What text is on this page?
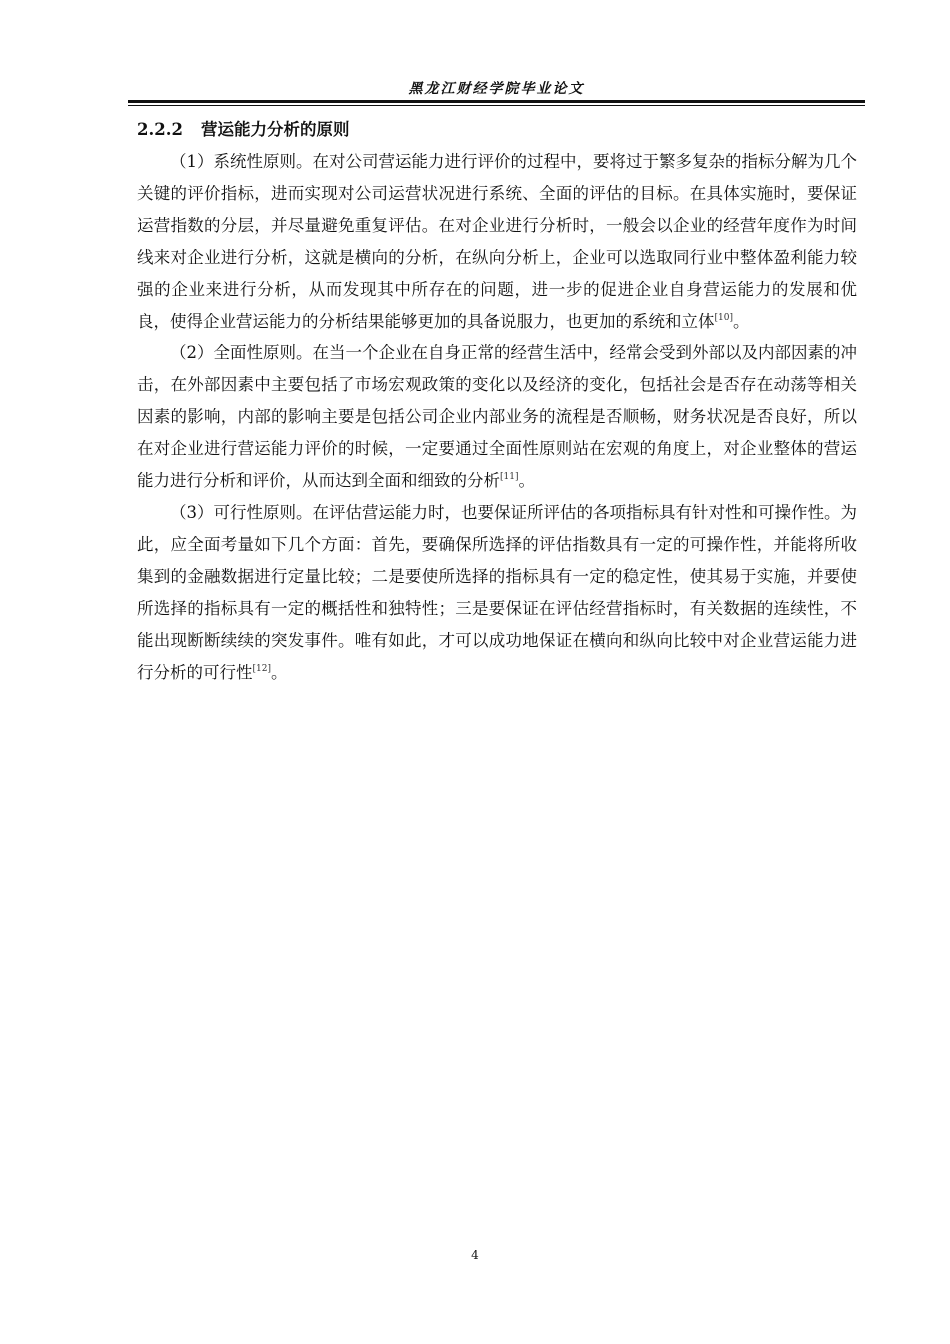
黑龙江财经学院毕业论文
2.2.2 营运能力分析的原则

（1）系统性原则。在对公司营运能力进行评价的过程中，要将过于繁多复杂的指标分解为几个关键的评价指标，进而实现对公司运营状况进行系统、全面的评估的目标。在具体实施时，要保证运营指数的分层，并尽量避免重复评估。在对企业进行分析时，一般会以企业的经营年度作为时间线来对企业进行分析，这就是横向的分析，在纵向分析上，企业可以选取同行业中整体盈利能力较强的企业来进行分析，从而发现其中所存在的问题，进一步的促进企业自身营运能力的发展和优良，使得企业营运能力的分析结果能够更加的具备说服力，也更加的系统和立体[10]。

（2）全面性原则。在当一个企业在自身正常的经营生活中，经常会受到外部以及内部因素的冲击，在外部因素中主要包括了市场宏观政策的变化以及经济的变化，包括社会是否存在动荡等相关因素的影响，内部的影响主要是包括公司企业内部业务的流程是否顺畅，财务状况是否良好，所以在对企业进行营运能力评价的时候，一定要通过全面性原则站在宏观的角度上，对企业整体的营运能力进行分析和评价，从而达到全面和细致的分析[11]。

（3）可行性原则。在评估营运能力时，也要保证所评估的各项指标具有针对性和可操作性。为此，应全面考量如下几个方面：首先，要确保所选择的评估指数具有一定的可操作性，并能将所收集到的金融数据进行定量比较；二是要使所选择的指标具有一定的稳定性，使其易于实施，并要使所选择的指标具有一定的概括性和独特性；三是要保证在评估经营指标时，有关数据的连续性，不能出现断断续续的突发事件。唯有如此，才可以成功地保证在横向和纵向比较中对企业营运能力进行分析的可行性[12]。

4
